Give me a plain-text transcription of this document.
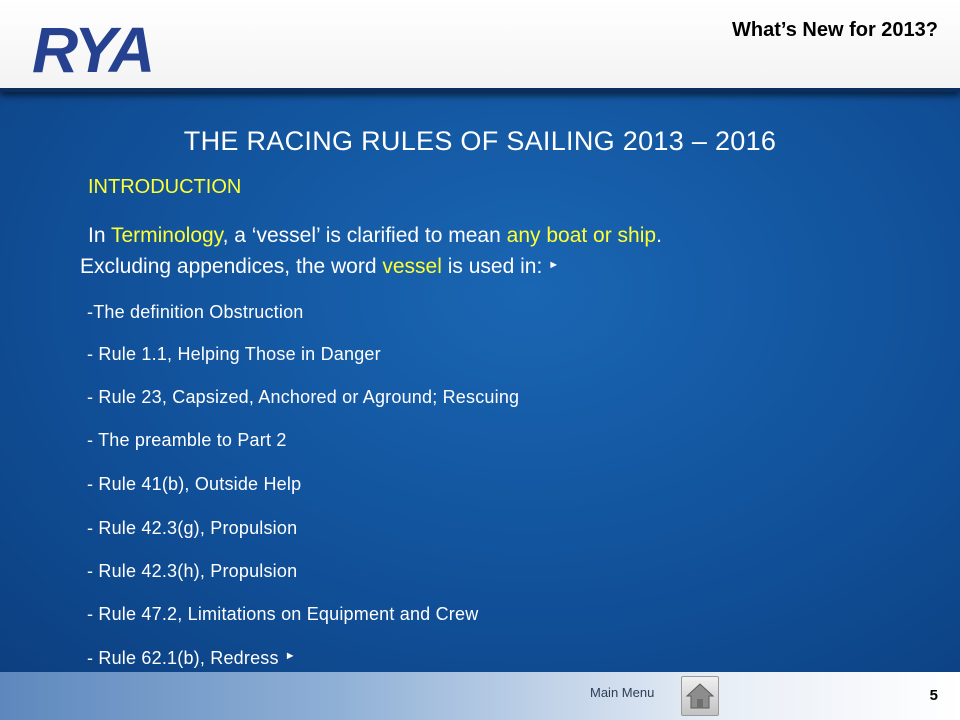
RYA	What’s New for 2013?
THE RACING RULES OF SAILING 2013 – 2016
INTRODUCTION
In Terminology, a ‘vessel’ is clarified to mean any boat or ship.
Excluding appendices, the word vessel is used in: ►
-The definition Obstruction
- Rule 1.1, Helping Those in Danger
- Rule 23, Capsized, Anchored or Aground; Rescuing
- The preamble to Part 2
- Rule 41(b), Outside Help
- Rule 42.3(g), Propulsion
- Rule 42.3(h), Propulsion
- Rule 47.2, Limitations on Equipment and Crew
- Rule 62.1(b), Redress ►
Main Menu	5
